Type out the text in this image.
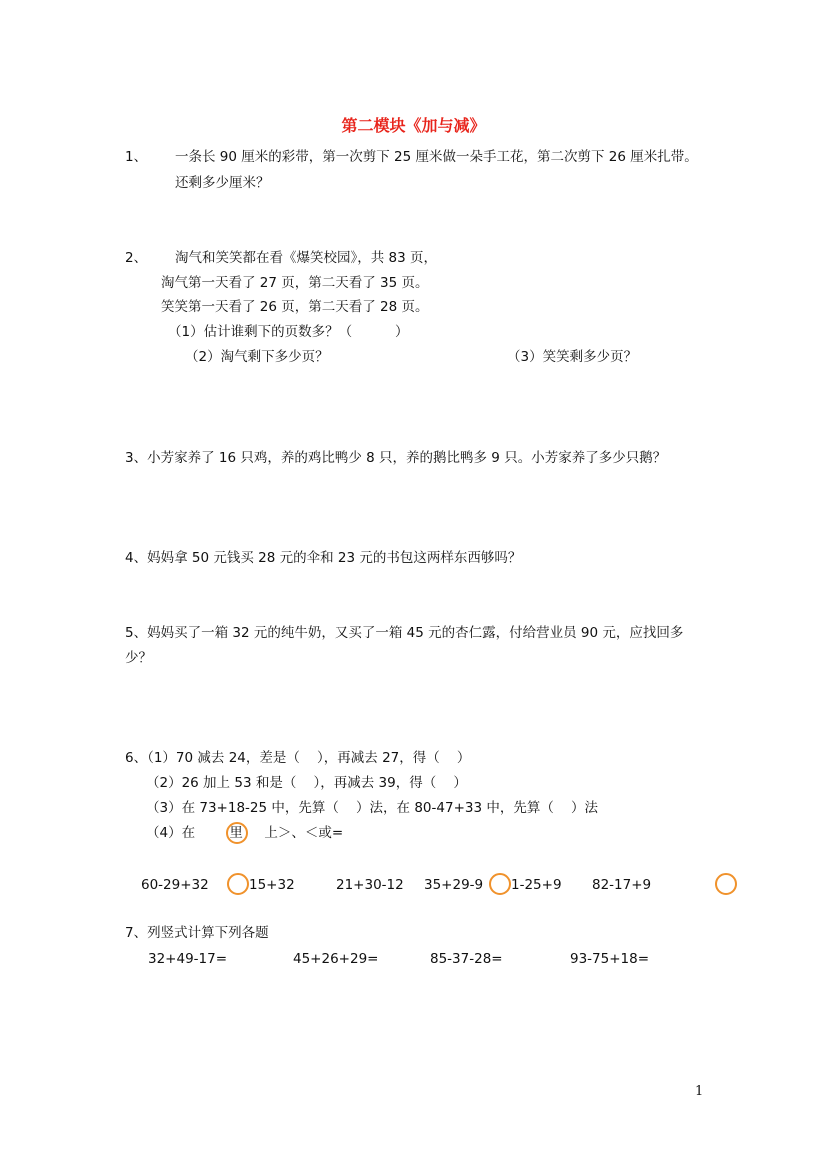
第二模块《加与减》
1、 一条长 90 厘米的彩带，第一次剪下 25 厘米做一朵手工花，第二次剪下 26 厘米扎带。
还剩多少厘米？
2、 淘气和笑笑都在看《爆笑校园》，共 83 页，
淘气第一天看了 27 页，第二天看了 35 页。
笑笑第一天看了 26 页，第二天看了 28 页。
（1）估计谁剩下的页数多？（          ）
（2）淘气剩下多少页？	（3）笑笑剩多少页？
3、小芳家养了 16 只鸡，养的鸡比鸭少 8 只，养的鹅比鸭多 9 只。小芳家养了多少只鹅？
4、妈妈拿 50 元钱买 28 元的伞和 23 元的书包这两样东西够吗？
5、妈妈买了一箱 32 元的纯牛奶，又买了一箱 45 元的杏仁露，付给营业员 90 元，应找回多
少？
6、（1）70 减去 24，差是（    ），再减去 27，得（    ）
（2）26 加上 53 和是（    ），再减去 39，得（    ）
（3）在 73+18-25 中，先算（    ）法，在 80-47+33 中，先算（    ）法
（4）在        里     上＞、＜或=
60-29+32	15+32	21+30-12 35+29-9 1-25+9 82-17+9
7、列竖式计算下列各题
32+49-17=	45+26+29=	85-37-28=	93-75+18=
1
